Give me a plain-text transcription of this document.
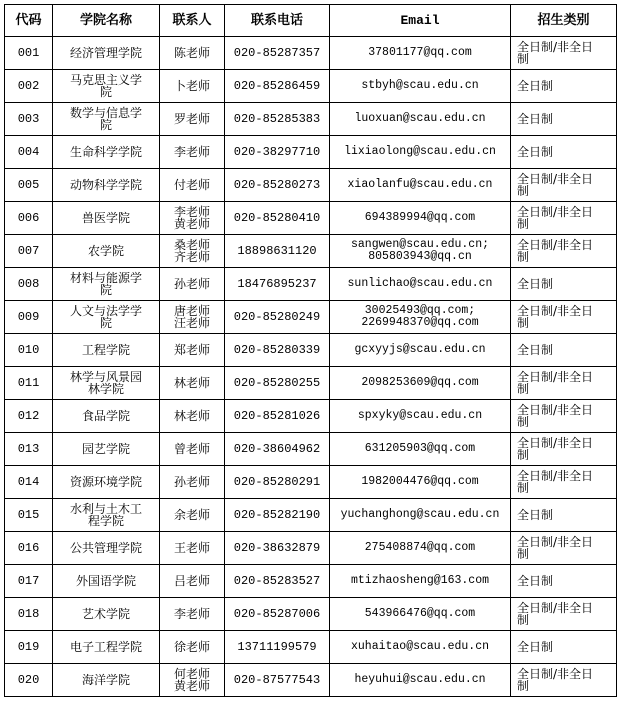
代码	学院名称	联系人	联系电话	Email	招生类别
001	经济管理学院	陈老师	020-85287357	37801177@qq.com	全日制/非全日
制

002	马克思主义学
院	卜老师	020-85286459	stbyh@scau.edu.cn	全日制

003	数学与信息学
院	罗老师	020-85285383	luoxuan@scau.edu.cn	全日制

004	生命科学学院	李老师	020-38297710	lixiaolong@scau.edu.cn	全日制

005	动物科学学院	付老师	020-85280273	xiaolanfu@scau.edu.cn	全日制/非全日
制

006	兽医学院	李老师
黄老师	020-85280410	694389994@qq.com	全日制/非全日
制

007	农学院	桑老师
齐老师	18898631120	sangwen@scau.edu.cn;
805803943@qq.cn	全日制/非全日
制

008	材料与能源学
院	孙老师	18476895237	sunlichao@scau.edu.cn	全日制

009	人文与法学学
院	唐老师
汪老师	020-85280249	30025493@qq.com;
2269948370@qq.com	全日制/非全日
制

010	工程学院	郑老师	020-85280339	gcxyyjs@scau.edu.cn	全日制

011	林学与风景园
林学院	林老师	020-85280255	2098253609@qq.com	全日制/非全日
制

012	食品学院	林老师	020-85281026	spxyky@scau.edu.cn	全日制/非全日
制

013	园艺学院	曾老师	020-38604962	631205903@qq.com	全日制/非全日
制

014	资源环境学院	孙老师	020-85280291	1982004476@qq.com	全日制/非全日
制

015	水利与土木工
程学院	余老师	020-85282190	yuchanghong@scau.edu.cn	全日制

016	公共管理学院	王老师	020-38632879	275408874@qq.com	全日制/非全日
制

017	外国语学院	吕老师	020-85283527	mtizhaosheng@163.com	全日制

018	艺术学院	李老师	020-85287006	543966476@qq.com	全日制/非全日
制

019	电子工程学院	徐老师	13711199579	xuhaitao@scau.edu.cn	全日制

020	海洋学院	何老师
黄老师	020-87577543	heyuhui@scau.edu.cn	全日制/非全日
制
